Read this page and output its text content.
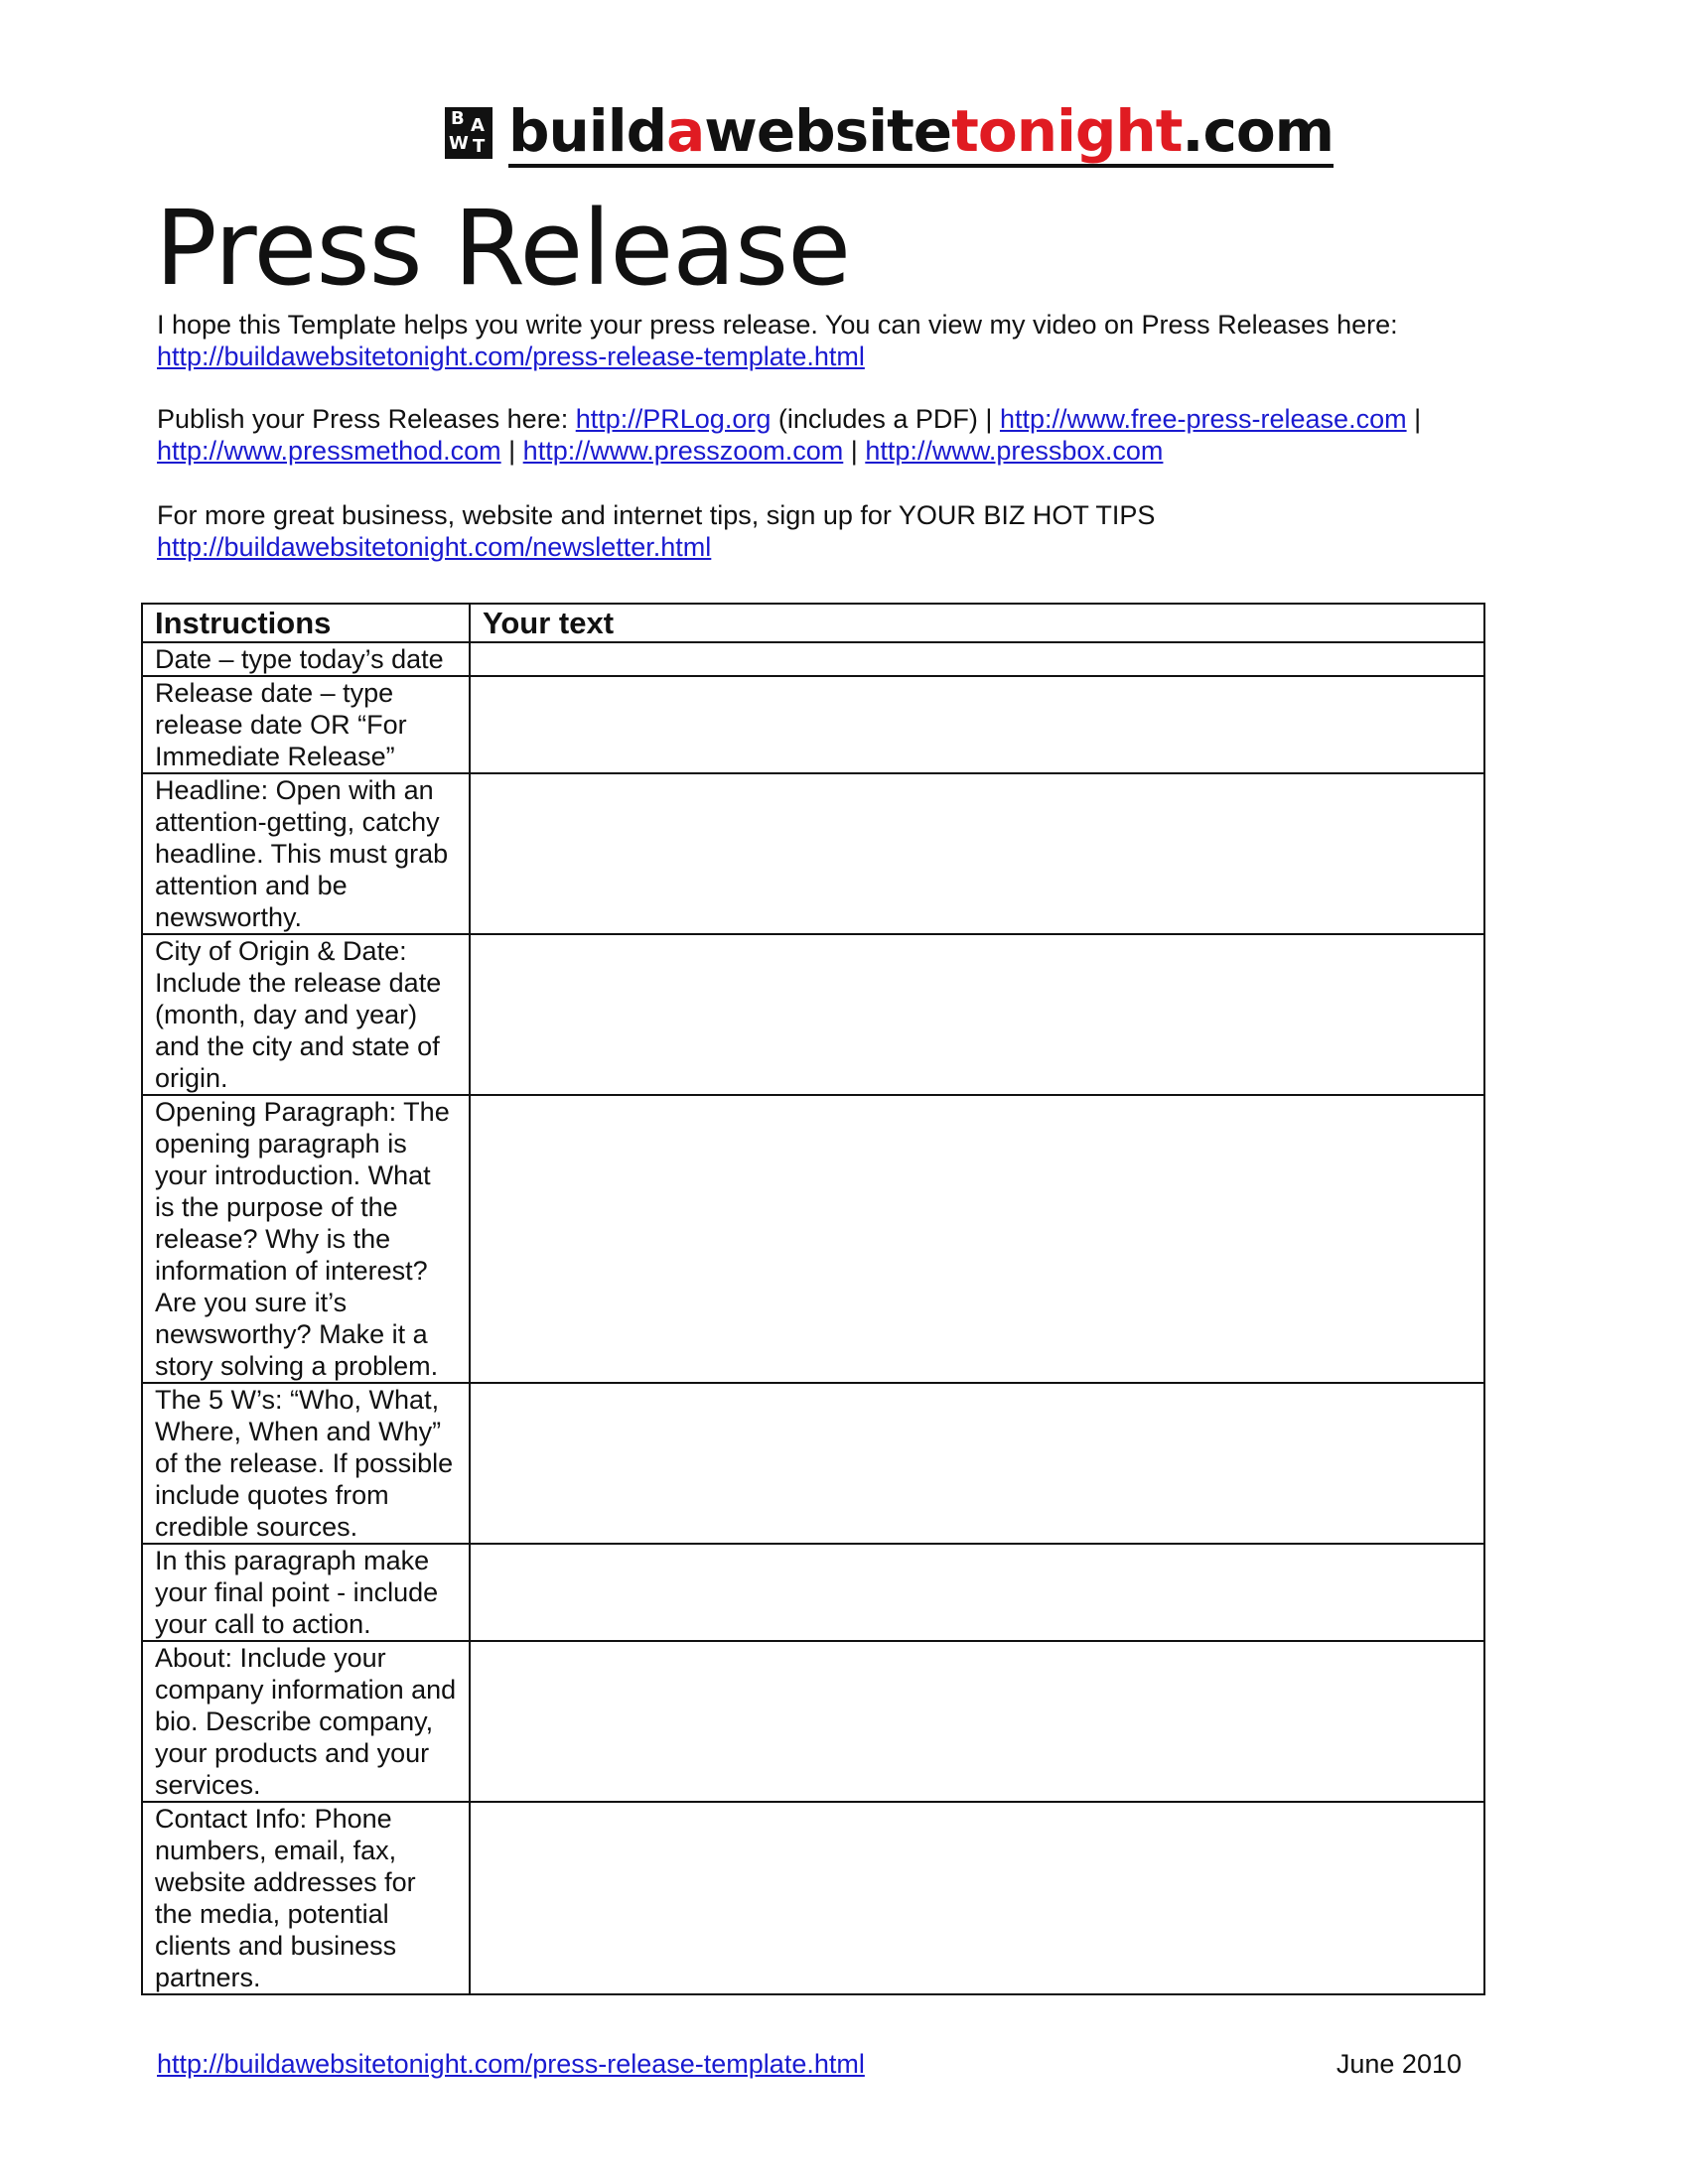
B A
W T buildawebsitetonight.com
Press Release

I hope this Template helps you write your press release. You can view my video on Press Releases here:

http://buildawebsitetonight.com/press-release-template.html

Publish your Press Releases here: http://PRLog.org (includes a PDF) | http://www.free-press-release.com |

http://www.pressmethod.com | http://www.presszoom.com | http://www.pressbox.com

For more great business, website and internet tips, sign up for YOUR BIZ HOT TIPS

http://buildawebsitetonight.com/newsletter.html

Instructions	Your text
Date – type today’s date	
Release date – type release date OR “For Immediate Release”	
Headline: Open with an attention-getting, catchy headline. This must grab attention and be newsworthy.	
City of Origin & Date: Include the release date (month, day and year) and the city and state of origin.	
Opening Paragraph: The opening paragraph is your introduction. What is the purpose of the release? Why is the information of interest? Are you sure it’s newsworthy? Make it a story solving a problem.	
The 5 W’s: “Who, What, Where, When and Why” of the release. If possible include quotes from credible sources.	
In this paragraph make your final point - include your call to action.	
About: Include your company information and bio. Describe company, your products and your services.	
Contact Info: Phone numbers, email, fax, website addresses for the media, potential clients and business partners.	
http://buildawebsitetonight.com/press-release-template.html	June 2010
